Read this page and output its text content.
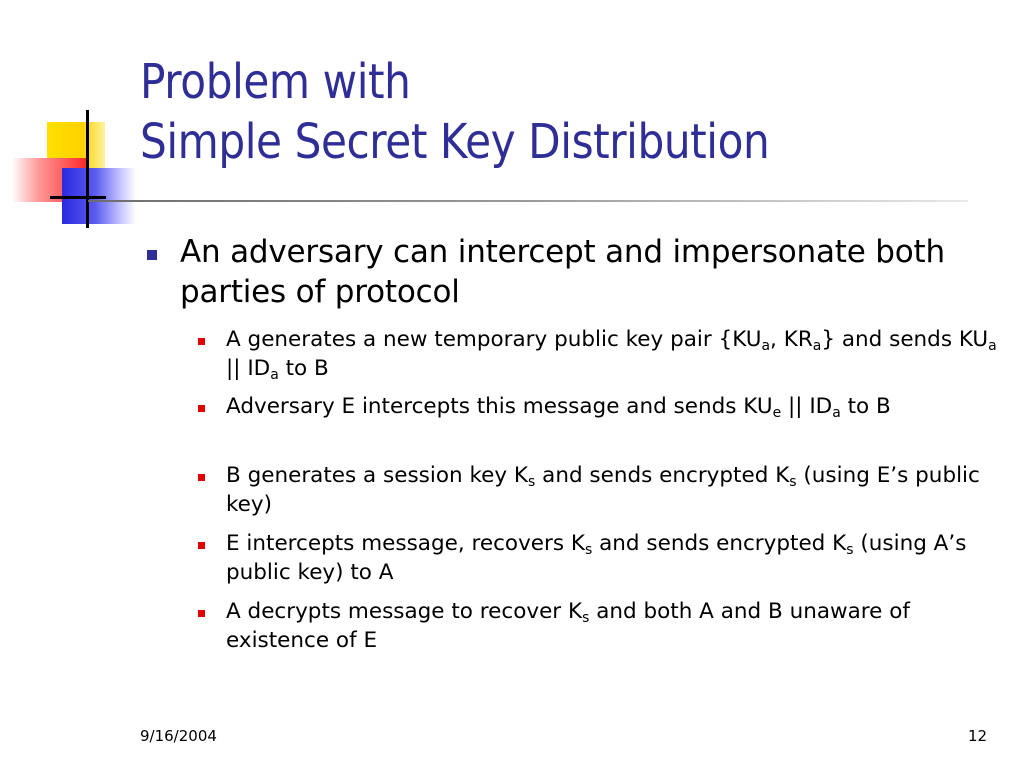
Problem with
Simple Secret Key Distribution
An adversary can intercept and impersonate both parties of protocol
A generates a new temporary public key pair {$KU_a$, $KR_a$} and sends $KU_a$ || $ID_a$ to B
Adversary E intercepts this message and sends $KU_e$ || $ID_a$ to B
B generates a session key $K_s$ and sends encrypted $K_s$ (using E’s public key)
E intercepts message, recovers $K_s$ and sends encrypted $K_s$ (using A’s public key) to A
A decrypts message to recover $K_s$ and both A and B unaware of existence of E
9/16/2004	12
